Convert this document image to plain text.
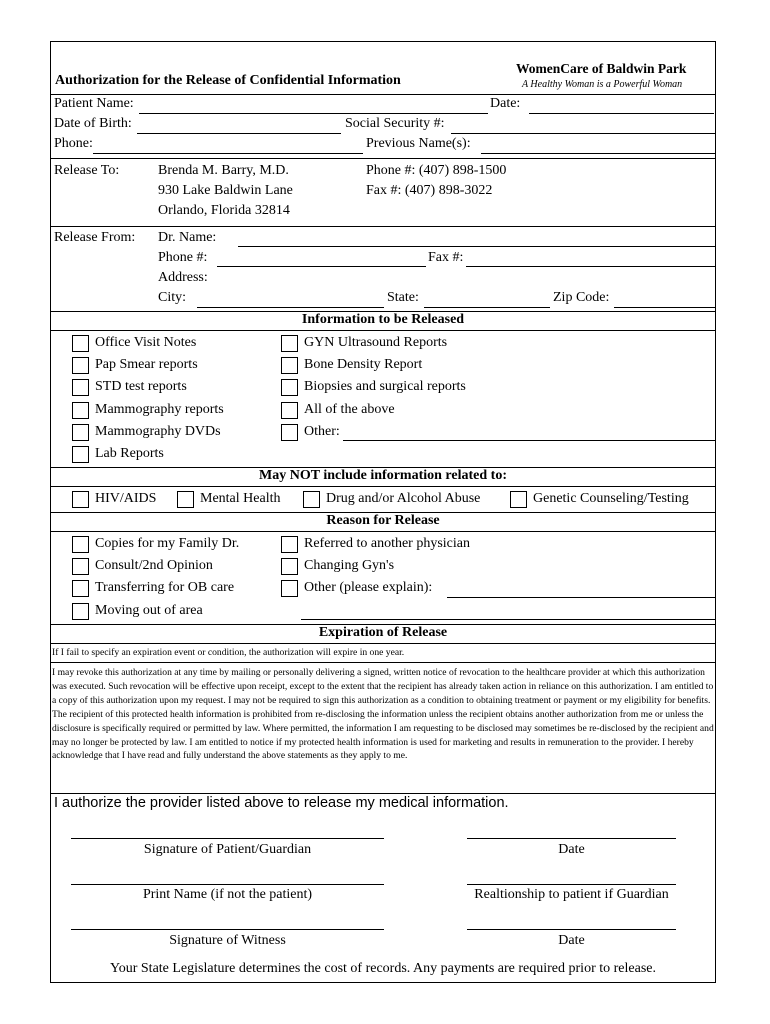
Authorization for the Release of Confidential Information
WomenCare of Baldwin Park
A Healthy Woman is a Powerful Woman
Patient Name:	Date:
Date of Birth:	Social Security #:
Phone:	Previous Name(s):
Release To:	Brenda M. Barry, M.D.
930 Lake Baldwin Lane
Orlando, Florida 32814
Phone #: (407) 898-1500
Fax #: (407) 898-3022
Release From: Dr. Name:
Phone #:	Fax #:
Address:
City:	State:	Zip Code:
Information to be Released
Office Visit Notes
Pap Smear reports
STD test reports
Mammography reports
Mammography DVDs
Lab Reports
GYN Ultrasound Reports
Bone Density Report
Biopsies and surgical reports
All of the above
Other:
May NOT include information related to:
HIV/AIDS	Mental Health	Drug and/or Alcohol Abuse	Genetic Counseling/Testing
Reason for Release
Copies for my Family Dr.
Consult/2nd Opinion
Transferring for OB care
Moving out of area
Referred to another physician
Changing Gyn's
Other (please explain):
Expiration of Release
If I fail to specify an expiration event or condition, the authorization will expire in one year.
I may revoke this authorization at any time by mailing or personally delivering a signed, written notice of revocation to the healthcare provider at which this authorization was executed. Such revocation will be effective upon receipt, except to the extent that the recipient has already taken action in reliance on this authorization. I am entitled to a copy of this authorization upon my request. I may not be required to sign this authorization as a condition to obtaining treatment or payment or my eligibility for benefits. The recipient of this protected health information is prohibited from re-disclosing the information unless the recipient obtains another authorization from me or unless the disclosure is specifically required or permitted by law. Where permitted, the information I am requesting to be disclosed may sometimes be re-disclosed by the recipient and may no longer be protected by law. I am entitled to notice if my protected health information is used for marketing and results in remuneration to the provider. I hereby acknowledge that I have read and fully understand the above statements as they apply to me.
I authorize the provider listed above to release my medical information.
Signature of Patient/Guardian	Date
Print Name (if not the patient)	Realtionship to patient if Guardian
Signature of Witness	Date
Your State Legislature determines the cost of records. Any payments are required prior to release.
